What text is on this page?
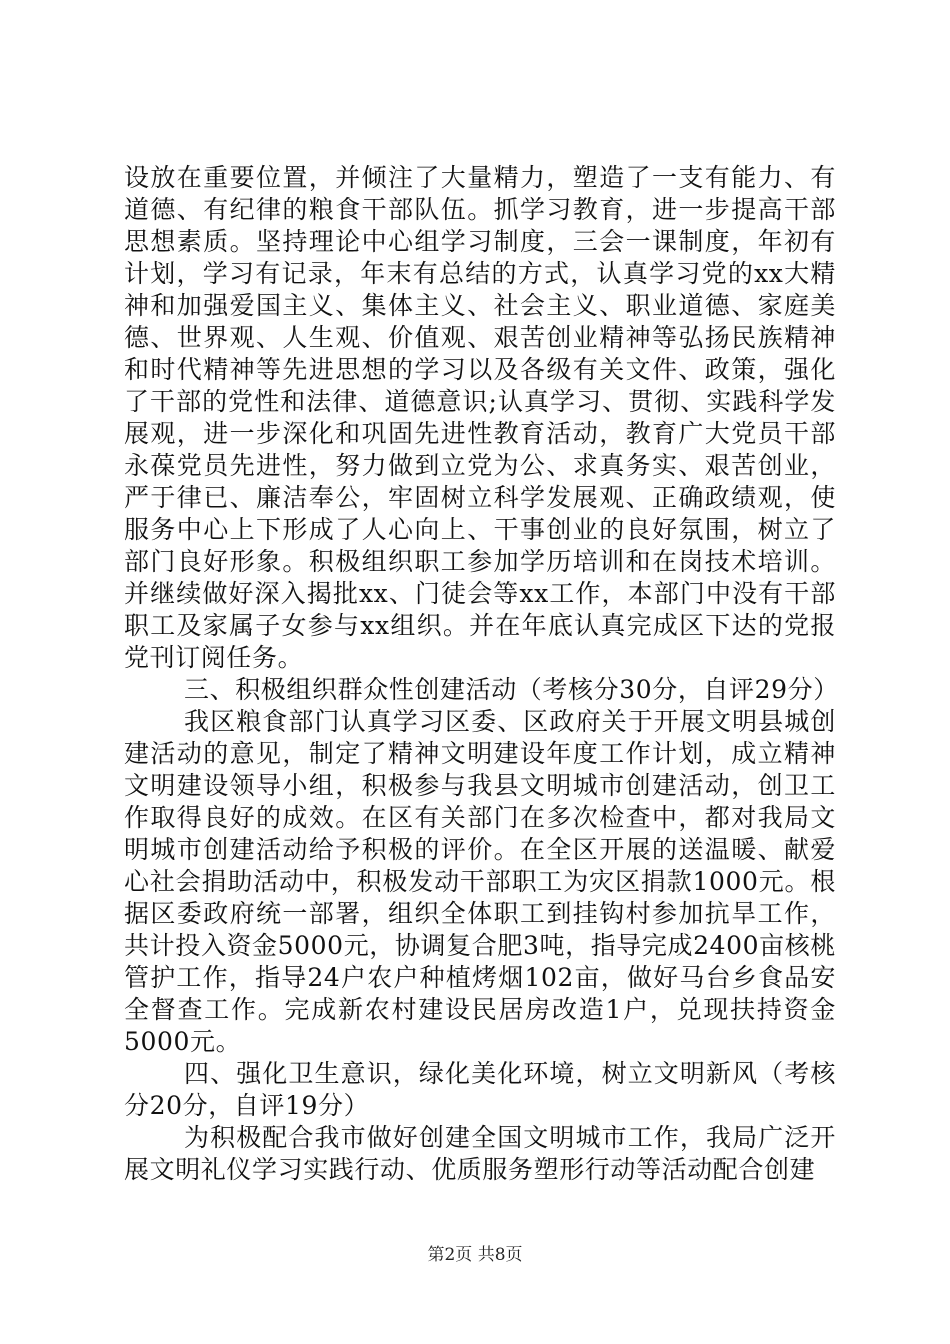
设放在重要位置，并倾注了大量精力，塑造了一支有能力、有道德、有纪律的粮食干部队伍。抓学习教育，进一步提高干部思想素质。坚持理论中心组学习制度，三会一课制度，年初有计划，学习有记录，年末有总结的方式，认真学习党的xx大精神和加强爱国主义、集体主义、社会主义、职业道德、家庭美德、世界观、人生观、价值观、艰苦创业精神等弘扬民族精神和时代精神等先进思想的学习以及各级有关文件、政策，强化了干部的党性和法律、道德意识;认真学习、贯彻、实践科学发展观，进一步深化和巩固先进性教育活动，教育广大党员干部永葆党员先进性，努力做到立党为公、求真务实、艰苦创业，严于律已、廉洁奉公，牢固树立科学发展观、正确政绩观，使服务中心上下形成了人心向上、干事创业的良好氛围，树立了部门良好形象。积极组织职工参加学历培训和在岗技术培训。并继续做好深入揭批xx、门徒会等xx工作，本部门中没有干部职工及家属子女参与xx组织。并在年底认真完成区下达的党报党刊订阅任务。

三、积极组织群众性创建活动（考核分30分，自评29分）

我区粮食部门认真学习区委、区政府关于开展文明县城创建活动的意见，制定了精神文明建设年度工作计划，成立精神文明建设领导小组，积极参与我县文明城市创建活动，创卫工作取得良好的成效。在区有关部门在多次检查中，都对我局文明城市创建活动给予积极的评价。在全区开展的送温暖、献爱心社会捐助活动中，积极发动干部职工为灾区捐款1000元。根据区委政府统一部署，组织全体职工到挂钩村参加抗旱工作，共计投入资金5000元，协调复合肥3吨，指导完成2400亩核桃管护工作，指导24户农户种植烤烟102亩，做好马台乡食品安全督查工作。完成新农村建设民居房改造1户，兑现扶持资金5000元。

四、强化卫生意识，绿化美化环境，树立文明新风（考核分20分，自评19分）

为积极配合我市做好创建全国文明城市工作，我局广泛开展文明礼仪学习实践行动、优质服务塑形行动等活动配合创建

第2页 共8页
